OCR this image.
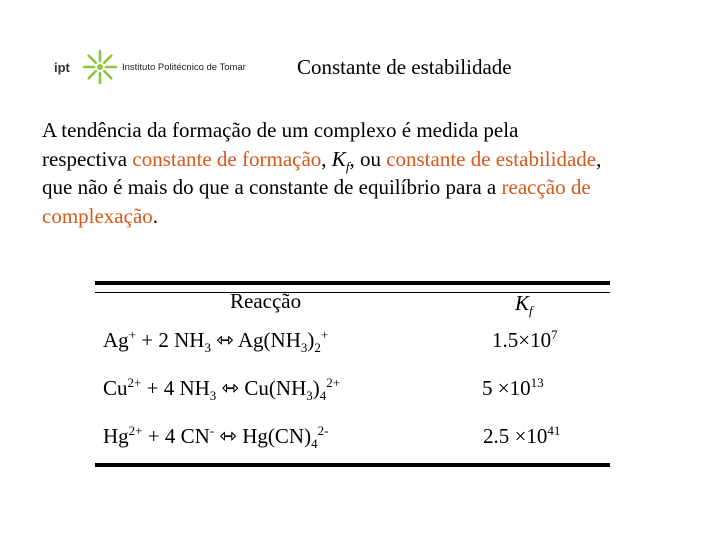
ipt	Instituto Politécnico de Tomar Constante de estabilidade
A tendência da formação de um complexo é medida pela
respectiva constante de formação, $K_f$, ou constante de estabilidade,
que não é mais do que a constante de equilíbrio para a reacção de
complexação.
Reacção	$K_f$
Ag+ + 2 $NH_3$ ⇿ $Ag(NH_3)_2^+$	$1.5\times 10^7$
$Cu^{2+} + 4$ $NH_3$ ⇿ $Cu(NH_3)_4^{2+}$	$5 \times 10^{13}$
$Hg^{2+} + 4$ CN- ⇿ $Hg(CN)_4^{2-}$	$2.5 \times 10^{41}$
